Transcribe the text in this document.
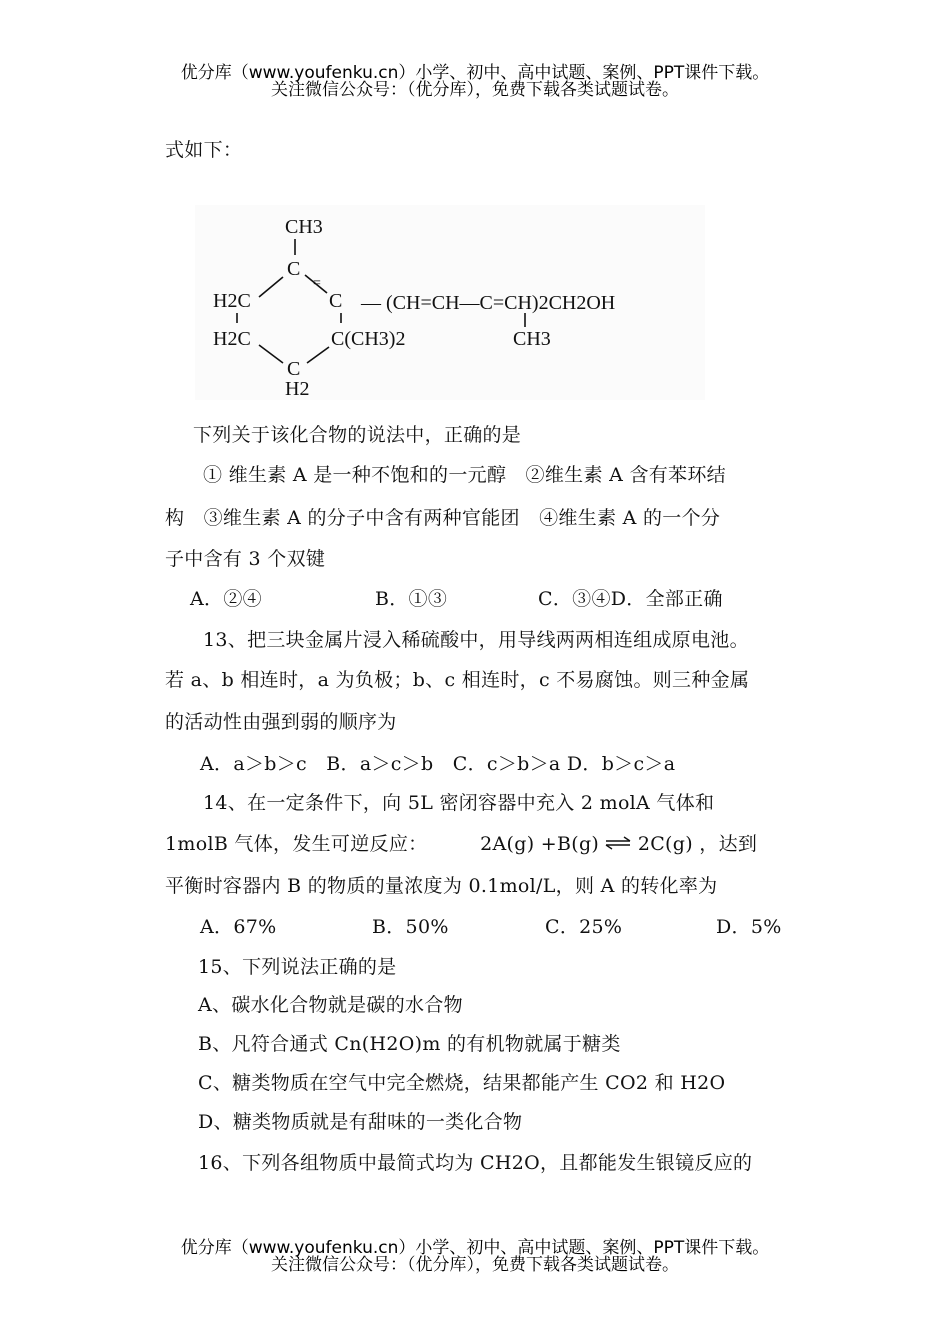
优分库（www.youfenku.cn）小学、初中、高中试题、案例、PPT课件下载。
关注微信公众号：（优分库），免费下载各类试题试卷。
式如下：
CH3
C
H2C
=
C — (CH=CH—C=CH)2CH2OH
CH3
H2C	C(CH3)2
C
H2
下列关于该化合物的说法中，正确的是
① 维生素 A 是一种不饱和的一元醇　②维生素 A 含有苯环结
构　③维生素 A 的分子中含有两种官能团　④维生素 A 的一个分
子中含有 3 个双键
A．②④	B．①③	C．③④D．全部正确
13、把三块金属片浸入稀硫酸中，用导线两两相连组成原电池。
若 a、b 相连时，a 为负极；b、c 相连时，c 不易腐蚀。则三种金属
的活动性由强到弱的顺序为
A．a＞b＞c　B．a＞c＞b　C．c＞b＞a D．b＞c＞a
14、在一定条件下，向 5L 密闭容器中充入 2 molA 气体和
1molB 气体，发生可逆反应：	2A(g) +B(g) ⇌ 2C(g) ，达到
平衡时容器内 B 的物质的量浓度为 0.1mol/L，则 A 的转化率为
A．67%	B．50%	C．25%	D．5%
15、下列说法正确的是
A、碳水化合物就是碳的水合物
B、凡符合通式 Cn(H2O)m 的有机物就属于糖类
C、糖类物质在空气中完全燃烧，结果都能产生 CO2 和 H2O
D、糖类物质就是有甜味的一类化合物
16、下列各组物质中最简式均为 CH2O，且都能发生银镜反应的
优分库（www.youfenku.cn）小学、初中、高中试题、案例、PPT课件下载。
关注微信公众号：（优分库），免费下载各类试题试卷。
